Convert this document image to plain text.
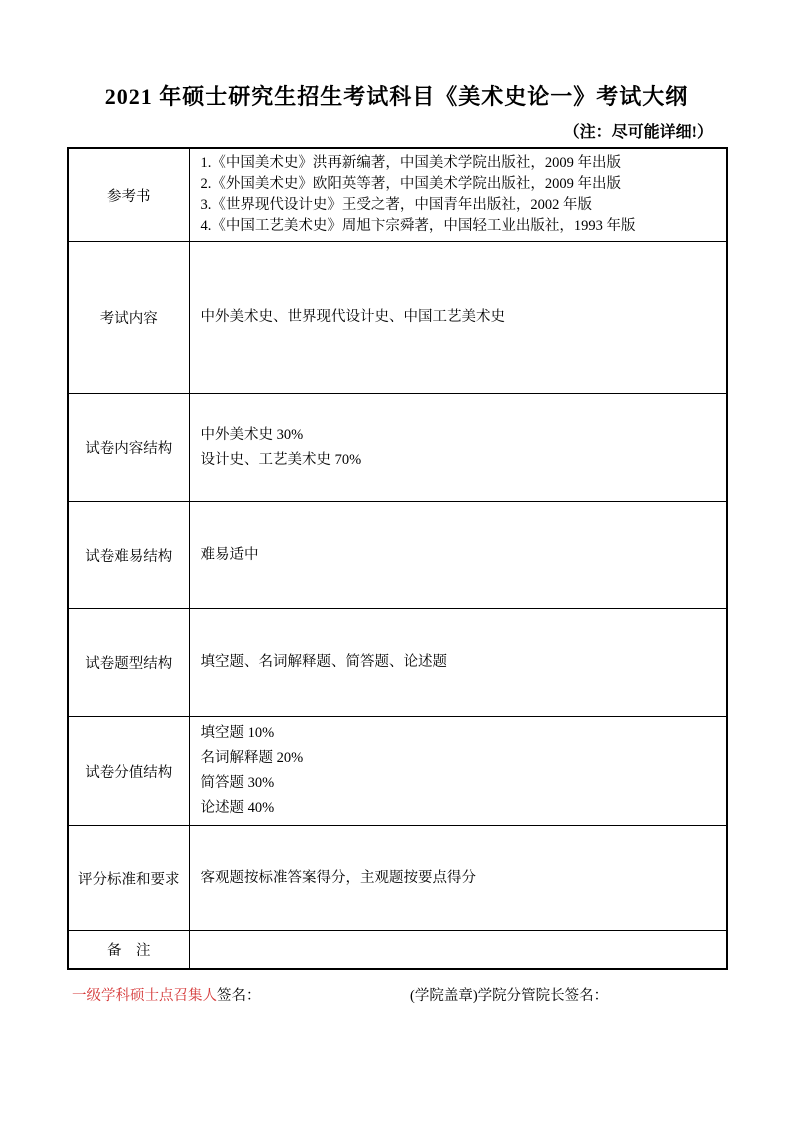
2021 年硕士研究生招生考试科目《美术史论一》考试大纲
（注：尽可能详细!）
参考书	1.《中国美术史》洪再新编著，中国美术学院出版社，2009 年出版
2.《外国美术史》欧阳英等著，中国美术学院出版社，2009 年出版
3.《世界现代设计史》王受之著，中国青年出版社，2002 年版
4.《中国工艺美术史》周旭卞宗舜著，中国轻工业出版社，1993 年版

考试内容	中外美术史、世界现代设计史、中国工艺美术史

试卷内容结构	中外美术史 30%
设计史、工艺美术史 70%

试卷难易结构	难易适中

试卷题型结构	填空题、名词解释题、简答题、论述题

试卷分值结构	填空题 10%
名词解释题 20%
简答题 30%
论述题 40%

评分标准和要求	客观题按标准答案得分，主观题按要点得分

备　注	
一级学科硕士点召集人签名：	(学院盖章)学院分管院长签名：
